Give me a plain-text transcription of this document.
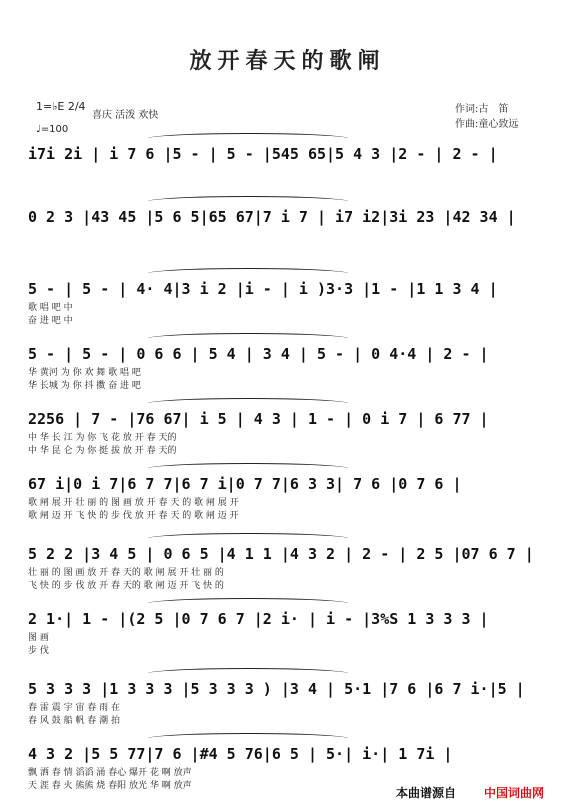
放开春天的歌闸
1=♭E 2/4
♩=100
喜庆 活泼 欢快
作词:古　笛
作曲:童心致远
i7i 2i | i 7 6 |5 - | 5 - |545 65|5 4 3 |2 - | 2 - |
0 2 3 |43 45 |5 6 5|65 67|7 i 7 | i7 i2|3i 23 |42 34 |
5 - | 5 - | 4· 4|3 i 2 |i - | i )3·3 |1 - |1 1 3 4 |
歌 唱 吧 中
奋 进 吧 中
5 - | 5 - | 0 6 6 | 5 4 | 3 4 | 5 - | 0 4·4 | 2 - |
华 黄河 为 你 欢 舞 歌 唱 吧
华 长城 为 你 抖 擞 奋 进 吧
2256 | 7 - |76 67| i 5 | 4 3 | 1 - | 0 i 7 | 6 77 |
中 华 长 江 为 你 飞 花 放 开 春 天的
中 华 昆 仑 为 你 挺 拔 放 开 春 天的
67 i|0 i 7|6 7 7|6 7 i|0 7 7|6 3 3| 7 6 |0 7 6 |
歌 闸 展 开 壮 丽 的 图 画 放 开 春 天 的 歌 闸 展 开
歌 闸 迈 开 飞 快 的 步 伐 放 开 春 天 的 歌 闸 迈 开
5 2 2 |3 4 5 | 0 6 5 |4 1 1 |4 3 2 | 2 - | 2 5 |07 6 7 |
壮 丽 的 图 画 放 开 春 天的 歌 闸 展 开 壮 丽 的
飞 快 的 步 伐 放 开 春 天的 歌 闸 迈 开 飞 快 的
2 1·| 1 - |(2 5 |0 7 6 7 |2 i· | i - |3%S 1 3 3 3 |
图 画
步 伐
5 3 3 3 |1 3 3 3 |5 3 3 3 ) |3 4 | 5·1 |7 6 |6 7 i·|5 |
春 雷 震 宇 宙 春 雨 在
春 风 鼓 船 帆 春 潮 拍
4 3 2 |5 5 77|7 6 |#4 5 76|6 5 | 5·| i·| 1 7i |
飘 洒 春 情 滔滔 涌 春心 爆开 花 啊 放声
天 涯 春 火 熊熊 烧 春阳 放光 华 啊 放声	本曲谱源自 中国词曲网
